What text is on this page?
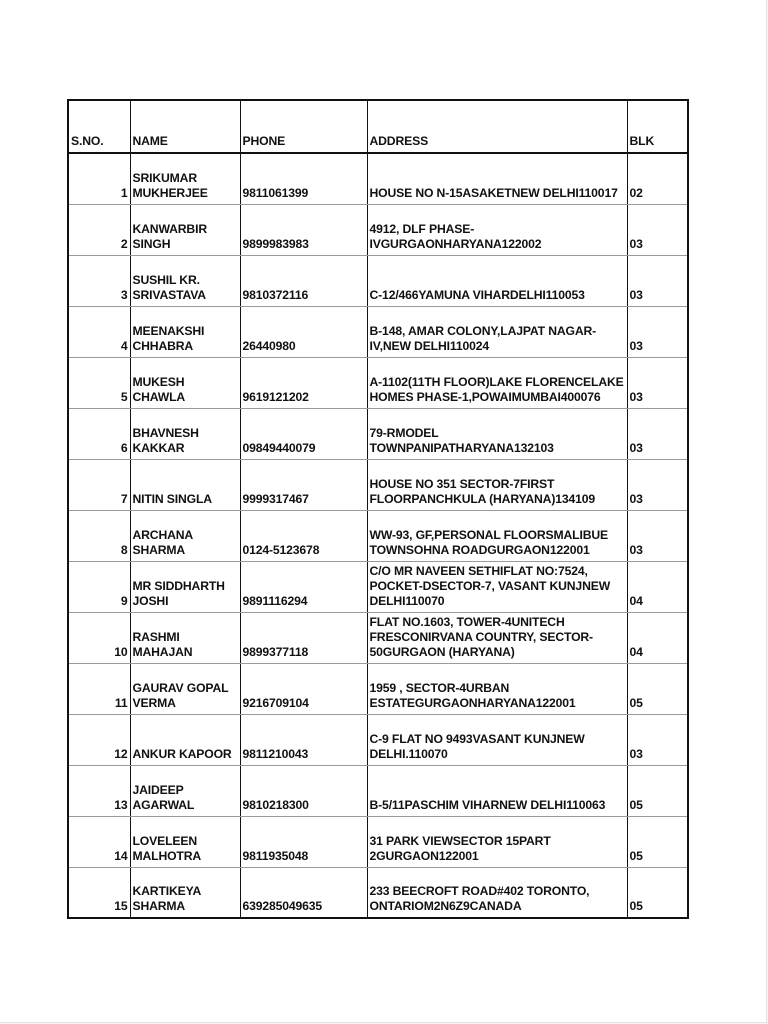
S.NO.	NAME	PHONE	ADDRESS	BLK
1	SRIKUMAR MUKHERJEE	9811061399	HOUSE NO N-15ASAKETNEW DELHI110017	02
2	KANWARBIR SINGH	9899983983	4912, DLF PHASE-IVGURGAONHARYANA122002	03
3	SUSHIL KR. SRIVASTAVA	9810372116	C-12/466YAMUNA VIHARDELHI110053	03
4	MEENAKSHI CHHABRA	26440980	B-148, AMAR COLONY,LAJPAT NAGAR-IV,NEW DELHI110024	03
5	MUKESH CHAWLA	9619121202	A-1102(11TH FLOOR)LAKE FLORENCELAKE HOMES PHASE-1,POWAIMUMBAI400076	03
6	BHAVNESH KAKKAR	09849440079	79-RMODEL TOWNPANIPATHARYANA132103	03
7	NITIN SINGLA	9999317467	HOUSE NO 351 SECTOR-7FIRST FLOORPANCHKULA (HARYANA)134109	03
8	ARCHANA SHARMA	0124-5123678	WW-93, GF,PERSONAL FLOORSMALIBUE TOWNSOHNA ROADGURGAON122001	03
9	MR SIDDHARTH JOSHI	9891116294	C/O MR NAVEEN SETHIFLAT NO:7524, POCKET-DSECTOR-7, VASANT KUNJNEW DELHI110070	04
10	RASHMI MAHAJAN	9899377118	FLAT NO.1603, TOWER-4UNITECH FRESCONIRVANA COUNTRY, SECTOR-50GURGAON (HARYANA)	04
11	GAURAV GOPAL VERMA	9216709104	1959 , SECTOR-4URBAN ESTATEGURGAONHARYANA122001	05
12	ANKUR KAPOOR	9811210043	C-9 FLAT NO 9493VASANT KUNJNEW DELHI.110070	03
13	JAIDEEP AGARWAL	9810218300	B-5/11PASCHIM VIHARNEW DELHI110063	05
14	LOVELEEN MALHOTRA	9811935048	31 PARK VIEWSECTOR 15PART 2GURGAON122001	05
15	KARTIKEYA SHARMA	639285049635	233 BEECROFT ROAD#402 TORONTO, ONTARIOM2N6Z9CANADA	05
